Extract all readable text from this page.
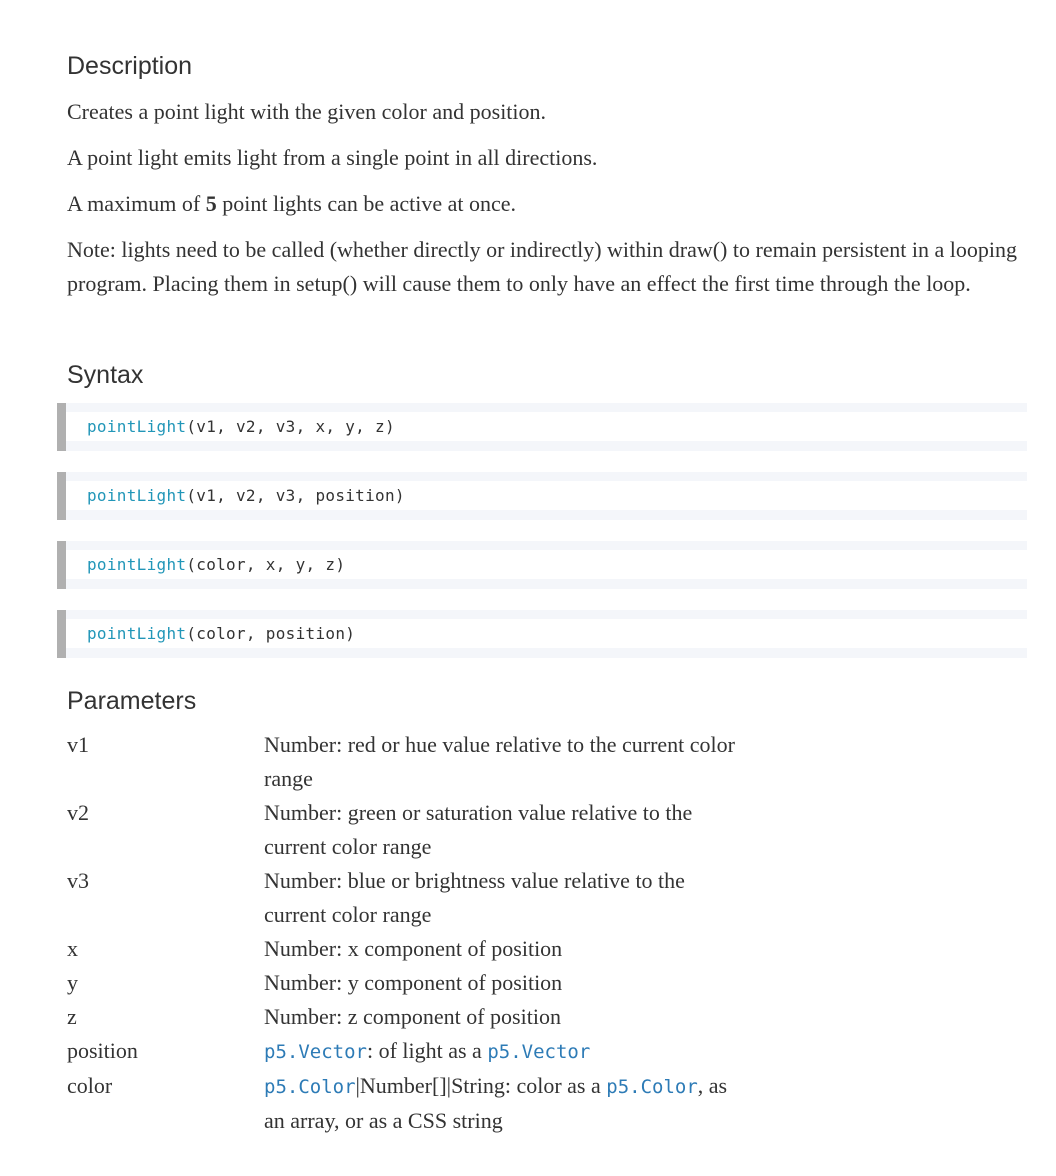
Description

Creates a point light with the given color and position.

A point light emits light from a single point in all directions.

A maximum of 5 point lights can be active at once.

Note: lights need to be called (whether directly or indirectly) within draw() to remain persistent in a looping program. Placing them in setup() will cause them to only have an effect the first time through the loop.

Syntax
pointLight(v1, v2, v3, x, y, z)
pointLight(v1, v2, v3, position)
pointLight(color, x, y, z)
pointLight(color, position)
Parameters
v1	Number: red or hue value relative to the current color range
v2	Number: green or saturation value relative to the current color range
v3	Number: blue or brightness value relative to the current color range
x	Number: x component of position
y	Number: y component of position
z	Number: z component of position
position	p5.Vector: of light as a p5.Vector
color	p5.Color|Number[]|String: color as a p5.Color, as an array, or as a CSS string
